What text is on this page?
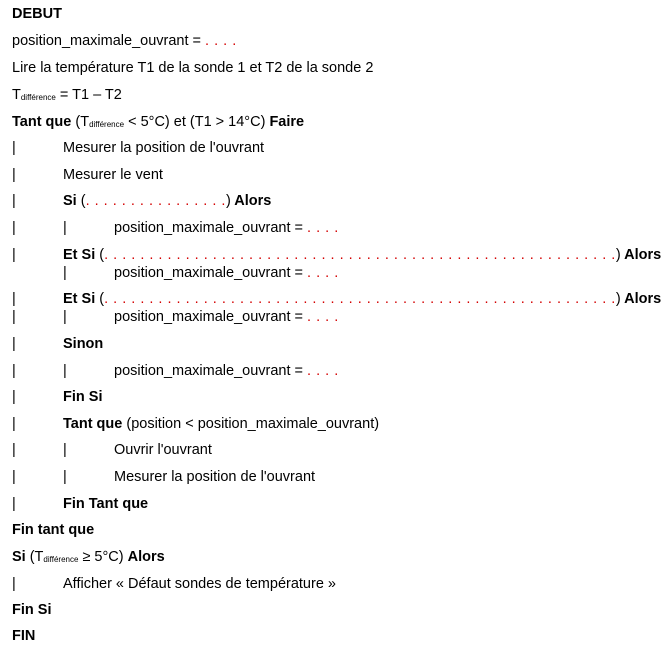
DEBUT
position_maximale_ouvrant = . . . .
Lire la température T1 de la sonde 1 et T2 de la sonde 2
$T_{différence} = T1 - T2$
Tant que $(T_{différence} < 5^\circ C)$ et (T1 > 14°C) Faire
|	Mesurer la position de l'ouvrant
|	Mesurer le vent
|	Si (. . . . . . . . . . . . . . . .) Alors
|	|	position_maximale_ouvrant = . . . .
|	Et Si (. . . . . . . . . . . . . . . . . . . . . . . . . . . . . . . . . . . . . . . . . . . . . . . . . . . . . . . . .) Alors
|	position_maximale_ouvrant = . . . .
|	Et Si (. . . . . . . . . . . . . . . . . . . . . . . . . . . . . . . . . . . . . . . . . . . . . . . . . . . . . . . . .) Alors
|	|	position_maximale_ouvrant = . . . .
|	Sinon
|	|	position_maximale_ouvrant = . . . .
|	Fin Si
|	Tant que (position < position_maximale_ouvrant)
|	|	Ouvrir l'ouvrant
|	|	Mesurer la position de l'ouvrant
|	Fin Tant que
Fin tant que
Si $(T_{différence} \ge 5^\circ C)$ Alors
|	Afficher « Défaut sondes de température »
Fin Si
FIN
